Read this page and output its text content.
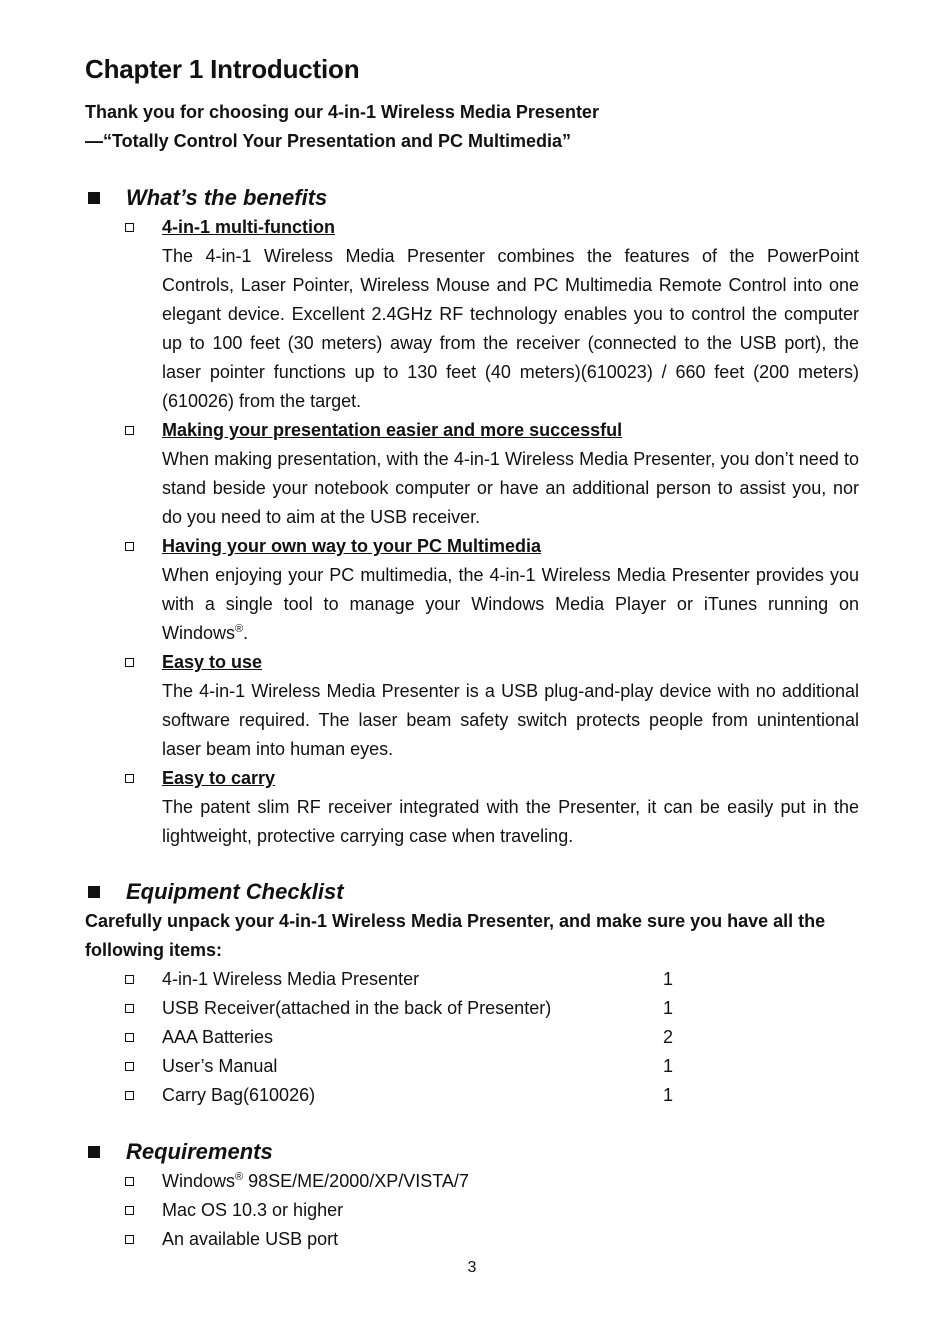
Chapter 1 Introduction
Thank you for choosing our 4-in-1 Wireless Media Presenter
—“Totally Control Your Presentation and PC Multimedia”
What’s the benefits
4-in-1 multi-function
The 4-in-1 Wireless Media Presenter combines the features of the PowerPoint Controls, Laser Pointer, Wireless Mouse and PC Multimedia Remote Control into one elegant device. Excellent 2.4GHz RF technology enables you to control the computer up to 100 feet (30 meters) away from the receiver (connected to the USB port), the laser pointer functions up to 130 feet (40 meters)(610023) / 660 feet (200 meters)(610026) from the target.
Making your presentation easier and more successful
When making presentation, with the 4-in-1 Wireless Media Presenter, you don’t need to stand beside your notebook computer or have an additional person to assist you, nor do you need to aim at the USB receiver.
Having your own way to your PC Multimedia
When enjoying your PC multimedia, the 4-in-1 Wireless Media Presenter provides you with a single tool to manage your Windows Media Player or iTunes running on Windows®.
Easy to use
The 4-in-1 Wireless Media Presenter is a USB plug-and-play device with no additional software required. The laser beam safety switch protects people from unintentional laser beam into human eyes.
Easy to carry
The patent slim RF receiver integrated with the Presenter, it can be easily put in the lightweight, protective carrying case when traveling.
Equipment Checklist
Carefully unpack your 4-in-1 Wireless Media Presenter, and make sure you have all the following items:
4-in-1 Wireless Media Presenter	1
USB Receiver(attached in the back of Presenter)	1
AAA Batteries	2
User’s Manual	1
Carry Bag(610026)	1
Requirements
Windows® 98SE/ME/2000/XP/VISTA/7
Mac OS 10.3 or higher
An available USB port
3
